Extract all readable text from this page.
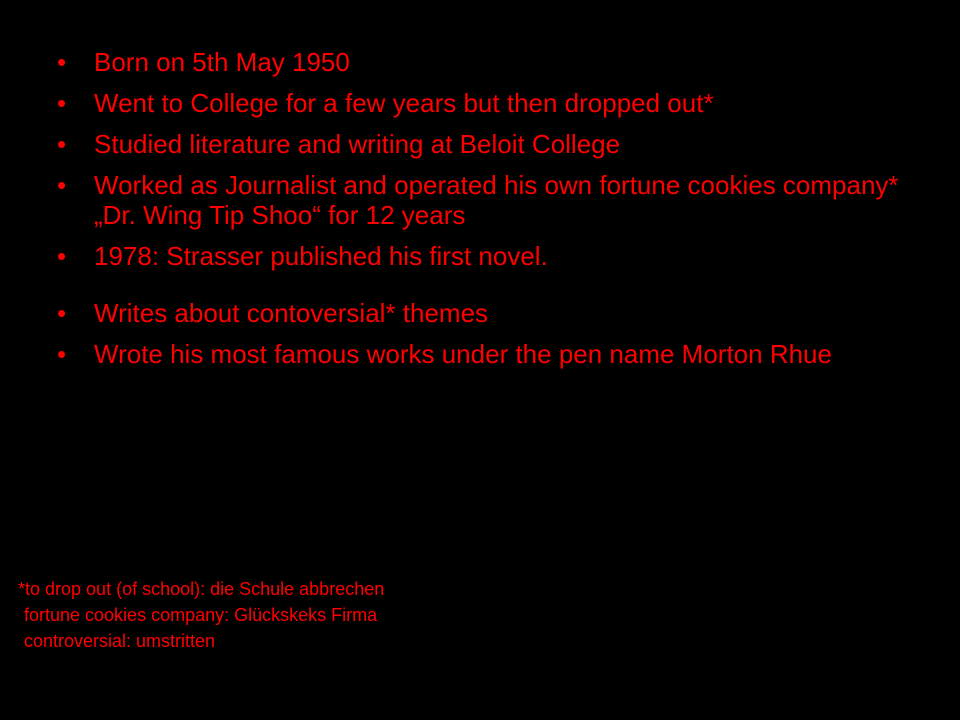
• Born on 5th May 1950
• Went to College for a few years but then dropped out*
• Studied literature and writing at Beloit College
• Worked as Journalist and operated his own fortune cookies company* „Dr. Wing Tip Shoo“ for 12 years
• 1978: Strasser published his first novel.
• Writes about contoversial* themes
• Wrote his most famous works under the pen name Morton Rhue
*to drop out (of school): die Schule abbrechen
fortune cookies company: Glückskeks Firma
controversial: umstritten
